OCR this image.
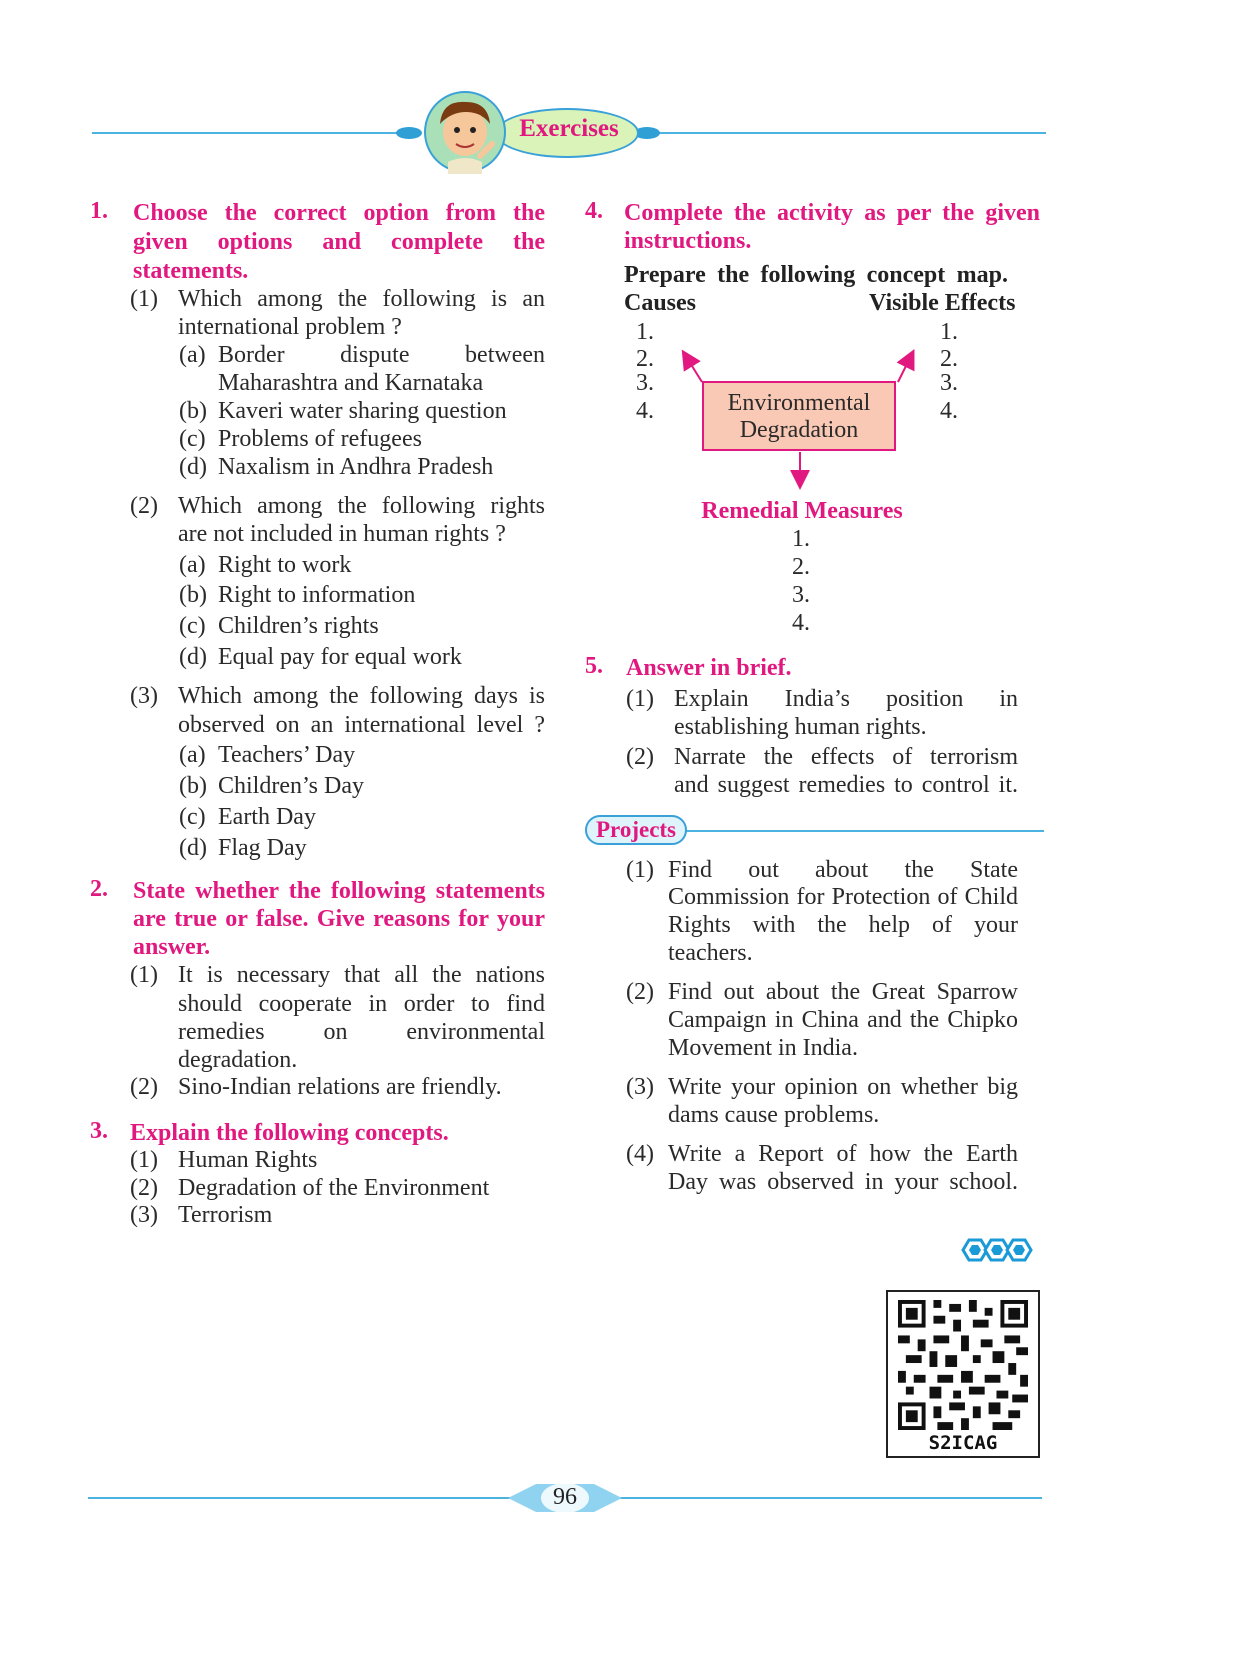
Exercises
1. Choose the correct option from the
given options and complete the
statements.
(1) Which among the following is an
international problem ?
(a) Border dispute between
Maharashtra and Karnataka
(b) Kaveri water sharing question
(c) Problems of refugees
(d) Naxalism in Andhra Pradesh
(2) Which among the following rights
are not included in human rights ?
(a) Right to work
(b) Right to information
(c) Children’s rights
(d) Equal pay for equal work
(3) Which among the following days is
observed on an international level ?
(a) Teachers’ Day
(b) Children’s Day
(c) Earth Day
(d) Flag Day
2. State whether the following statements
are true or false. Give reasons for your
answer.
(1) It is necessary that all the nations
should cooperate in order to find
remedies on environmental
degradation.
(2) Sino-Indian relations are friendly.
3. Explain the following concepts.
(1) Human Rights
(2) Degradation of the Environment
(3) Terrorism
4. Complete the activity as per the given
instructions.
Prepare the following concept map.
Causes	Visible Effects
1.
2.
3.
4.
1.
2.
3.
4.
Environmental
Degradation
Remedial Measures
1.
2.
3.
4.
5. Answer in brief.
(1) Explain India’s position in
establishing human rights.
(2) Narrate the effects of terrorism
and suggest remedies to control it.
Projects
(1) Find out about the State
Commission for Protection of Child
Rights with the help of your
teachers.
(2) Find out about the Great Sparrow
Campaign in China and the Chipko
Movement in India.
(3) Write your opinion on whether big
dams cause problems.
(4) Write a Report of how the Earth
Day was observed in your school.
S2ICAG
96
